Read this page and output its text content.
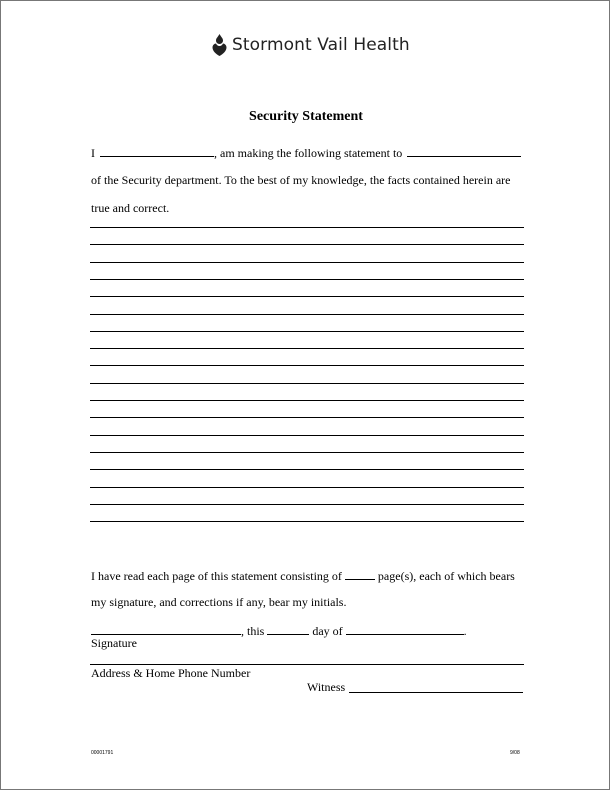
Stormont Vail Health
Security Statement
I	, am making the following statement to
of the Security department. To the best of my knowledge, the facts contained herein are
true and correct.
I have read each page of this statement consisting of	page(s), each of which bears
my signature, and corrections if any, bear my initials.
, this	day of	.
Signature
Address & Home Phone Number
Witness
00001791	9/08
